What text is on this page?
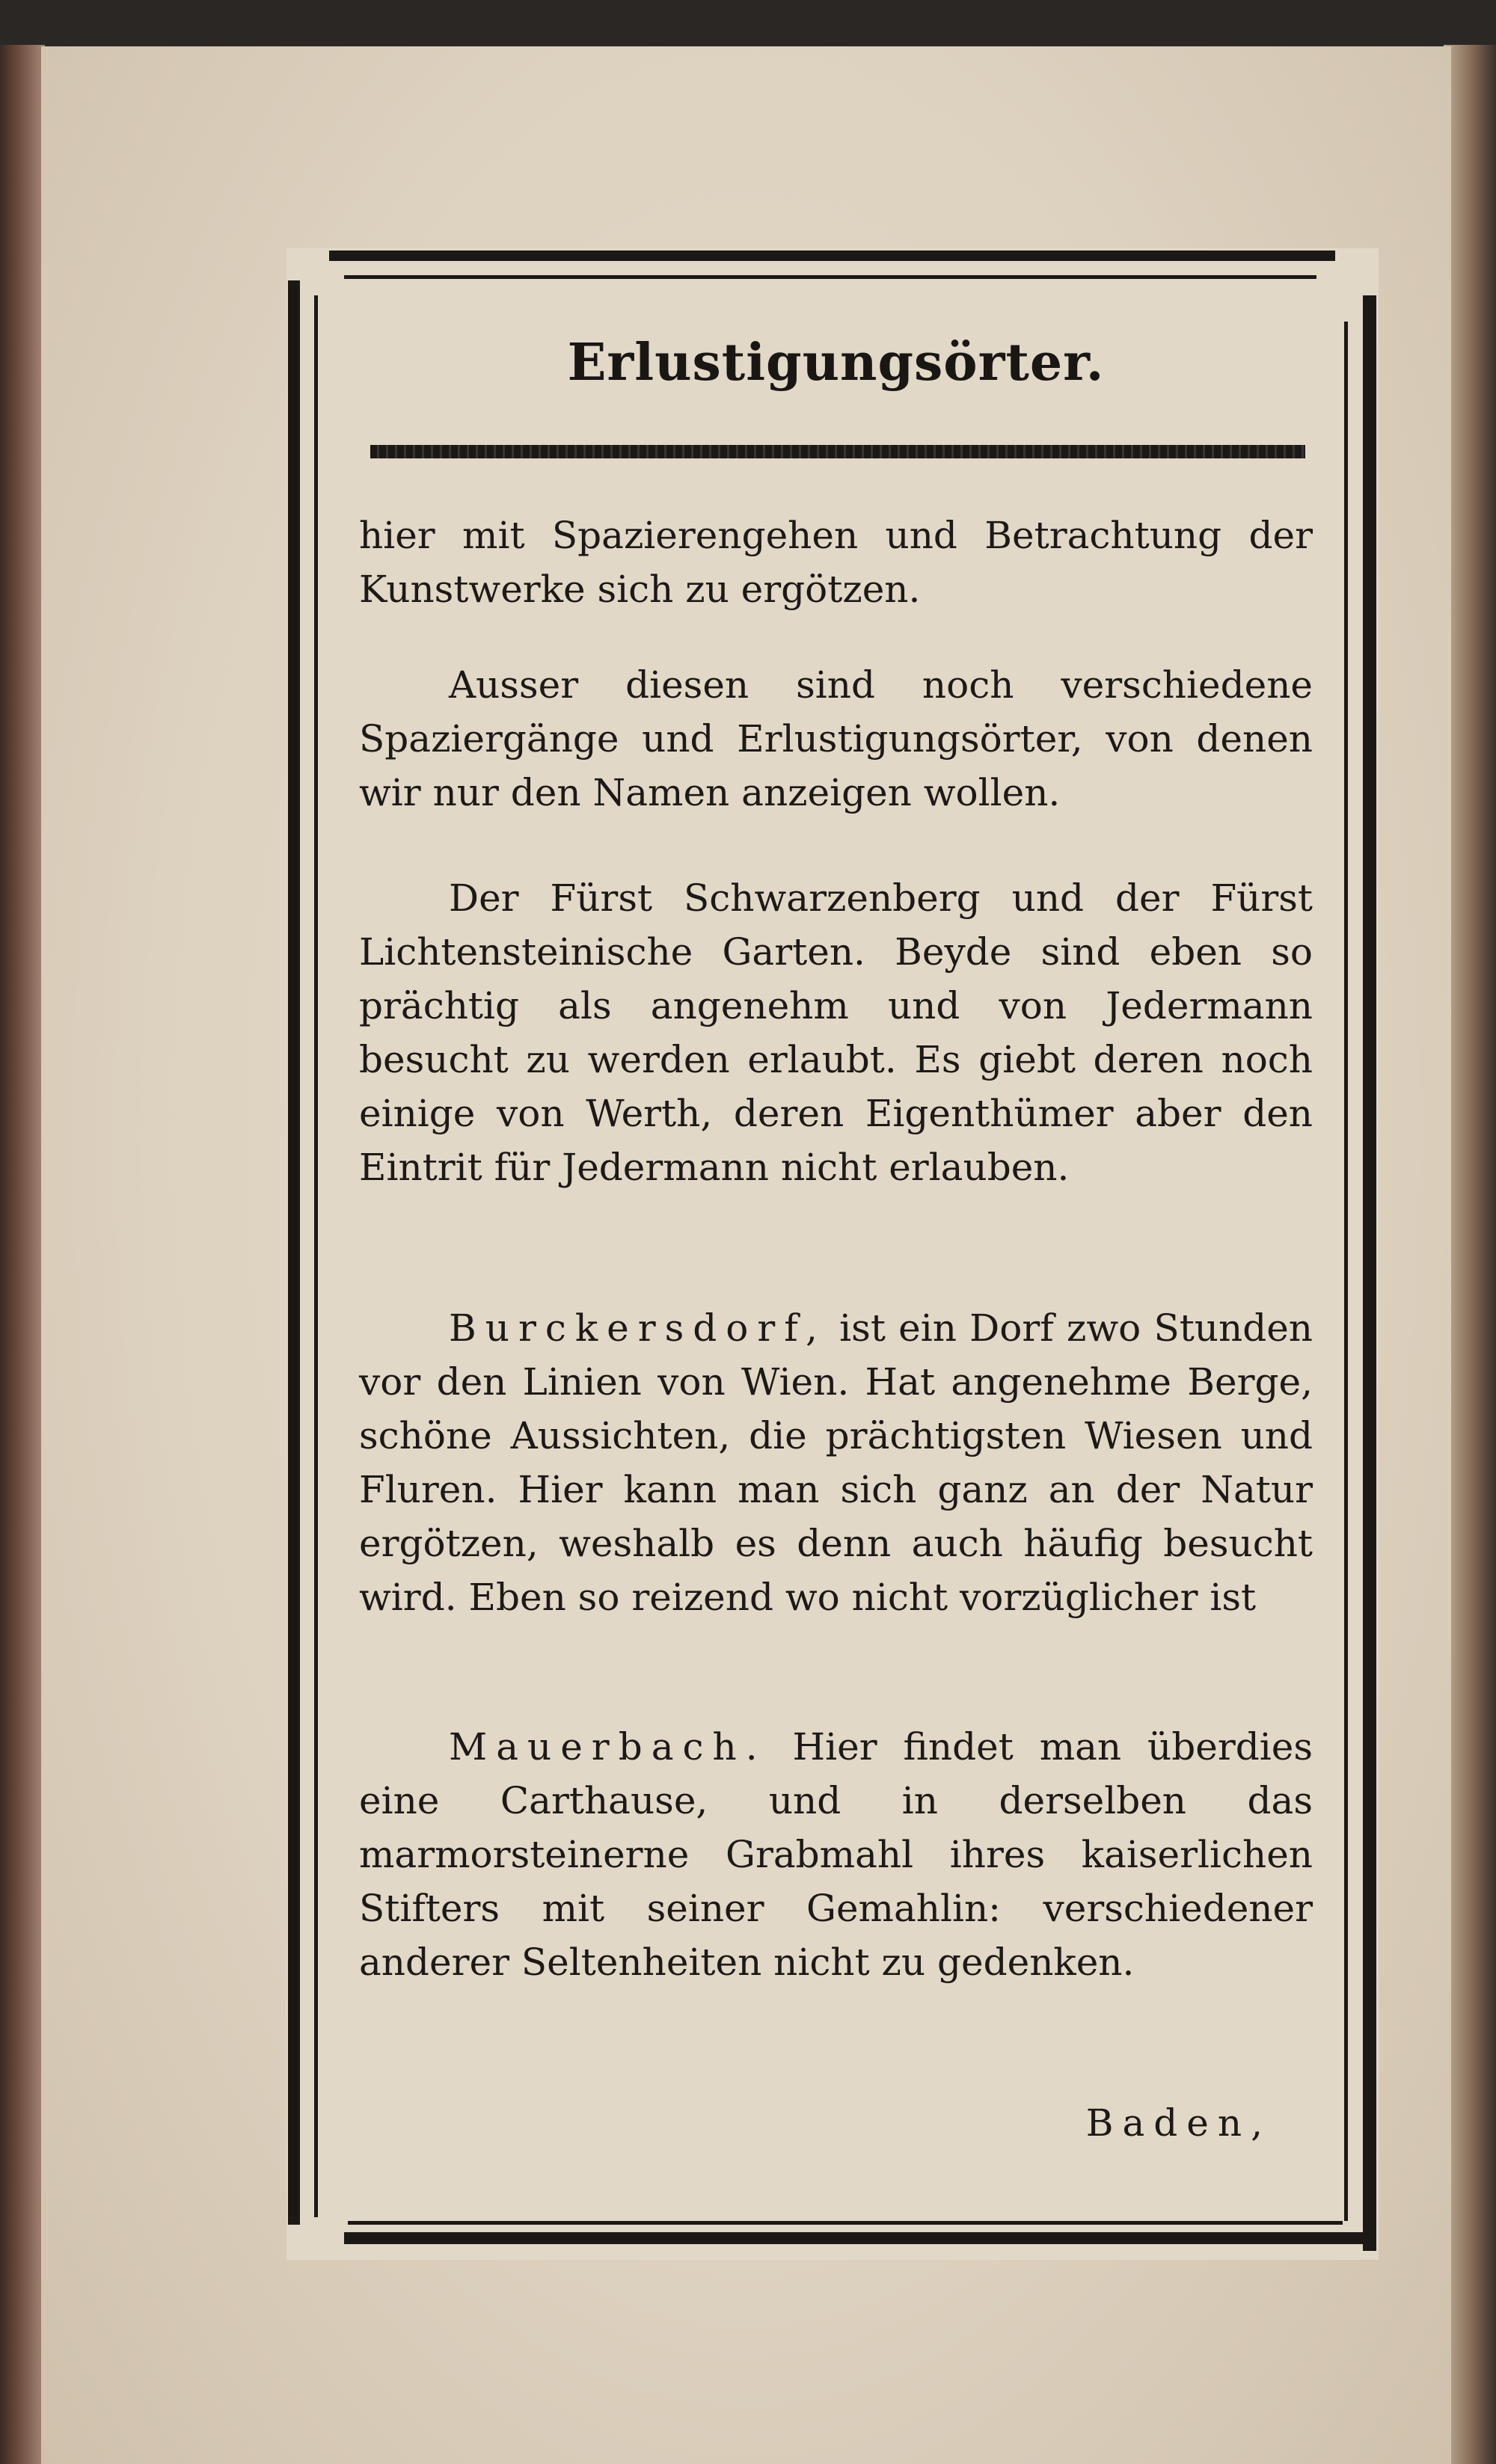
Erlustigungsörter.

hier mit Spazierengehen und Betrachtung der Kunstwerke sich zu ergötzen.

Ausser diesen sind noch verschiedene Spaziergänge und Erlustigungsörter, von denen wir nur den Namen anzeigen wollen.

Der Fürst Schwarzenberg und der Fürst Lichtensteinische Garten. Beyde sind eben so prächtig als angenehm und von Jedermann besucht zu werden erlaubt. Es giebt deren noch einige von Werth, deren Eigenthümer aber den Eintrit für Jedermann nicht erlauben.

Burckersdorf, ist ein Dorf zwo Stunden vor den Linien von Wien. Hat angenehme Berge, schöne Aussichten, die prächtigsten Wiesen und Fluren. Hier kann man sich ganz an der Natur ergötzen, weshalb es denn auch häufig besucht wird. Eben so reizend wo nicht vorzüglicher ist

Mauerbach. Hier findet man überdies eine Carthause, und in derselben das marmorsteinerne Grabmahl ihres kaiserlichen Stifters mit seiner Gemahlin: verschiedener anderer Seltenheiten nicht zu gedenken.

Baden,
